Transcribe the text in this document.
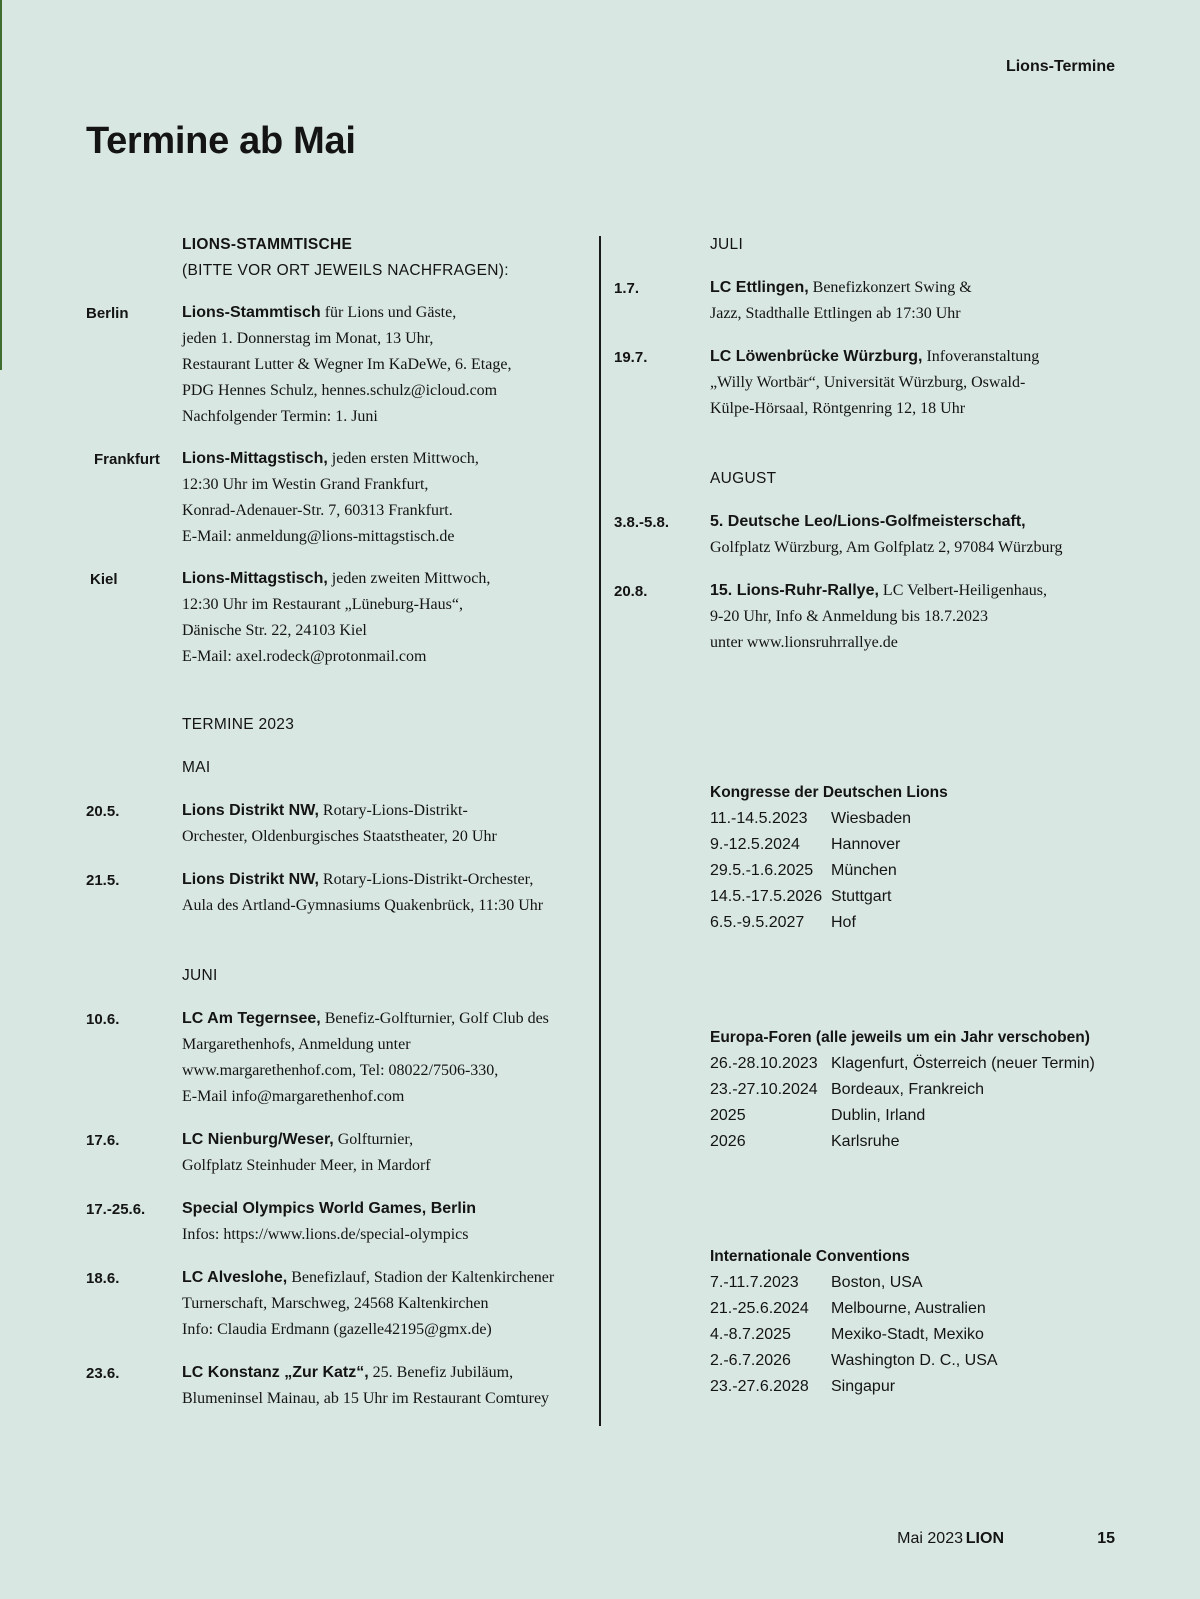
Lions-Termine
Termine ab Mai
LIONS-STAMMTISCHE
(BITTE VOR ORT JEWEILS NACHFRAGEN):
Berlin	Lions-Stammtisch für Lions und Gäste,
jeden 1. Donnerstag im Monat, 13 Uhr,
Restaurant Lutter & Wegner Im KaDeWe, 6. Etage,
PDG Hennes Schulz, hennes.schulz@icloud.com
Nachfolgender Termin: 1. Juni
Frankfurt Lions-Mittagstisch, jeden ersten Mittwoch,
12:30 Uhr im Westin Grand Frankfurt,
Konrad-Adenauer-Str. 7, 60313 Frankfurt.
E-Mail: anmeldung@lions-mittagstisch.de
Kiel	Lions-Mittagstisch, jeden zweiten Mittwoch,
12:30 Uhr im Restaurant „Lüneburg-Haus“,
Dänische Str. 22, 24103 Kiel
E-Mail: axel.rodeck@protonmail.com
TERMINE 2023
MAI
20.5.	Lions Distrikt NW, Rotary-Lions-Distrikt-
Orchester, Oldenburgisches Staatstheater, 20 Uhr
21.5.	Lions Distrikt NW, Rotary-Lions-Distrikt-Orchester,
Aula des Artland-Gymnasiums Quakenbrück, 11:30 Uhr
JUNI
10.6.	LC Am Tegernsee, Benefiz-Golfturnier, Golf Club des
Margarethenhofs, Anmeldung unter
www.margarethenhof.com, Tel: 08022/7506-330,
E-Mail info@margarethenhof.com
17.6.	LC Nienburg/Weser, Golfturnier,
Golfplatz Steinhuder Meer, in Mardorf
17.-25.6. Special Olympics World Games, Berlin
Infos: https://www.lions.de/special-olympics
18.6.	LC Alveslohe, Benefizlauf, Stadion der Kaltenkirchener
Turnerschaft, Marschweg, 24568 Kaltenkirchen
Info: Claudia Erdmann (gazelle42195@gmx.de)
23.6.	LC Konstanz „Zur Katz“, 25. Benefiz Jubiläum,
Blumeninsel Mainau, ab 15 Uhr im Restaurant Comturey
JULI
1.7.	LC Ettlingen, Benefizkonzert Swing &
Jazz, Stadthalle Ettlingen ab 17:30 Uhr
19.7.	LC Löwenbrücke Würzburg, Infoveranstaltung
„Willy Wortbär“, Universität Würzburg, Oswald-
Külpe-Hörsaal, Röntgenring 12, 18 Uhr
AUGUST
3.8.-5.8.	5. Deutsche Leo/Lions-Golfmeisterschaft,
Golfplatz Würzburg, Am Golfplatz 2, 97084 Würzburg
20.8.	15. Lions-Ruhr-Rallye, LC Velbert-Heiligenhaus,
9-20 Uhr, Info & Anmeldung bis 18.7.2023
unter www.lionsruhrrallye.de
Kongresse der Deutschen Lions
11.-14.5.2023	Wiesbaden
9.-12.5.2024	Hannover
29.5.-1.6.2025	München
14.5.-17.5.2026	Stuttgart
6.5.-9.5.2027	Hof
Europa-Foren (alle jeweils um ein Jahr verschoben)
26.-28.10.2023	Klagenfurt, Österreich (neuer Termin)
23.-27.10.2024	Bordeaux, Frankreich
2025	Dublin, Irland
2026	Karlsruhe
Internationale Conventions
7.-11.7.2023	Boston, USA
21.-25.6.2024	Melbourne, Australien
4.-8.7.2025	Mexiko-Stadt, Mexiko
2.-6.7.2026	Washington D. C., USA
23.-27.6.2028	Singapur
Mai 2023 LION	15
